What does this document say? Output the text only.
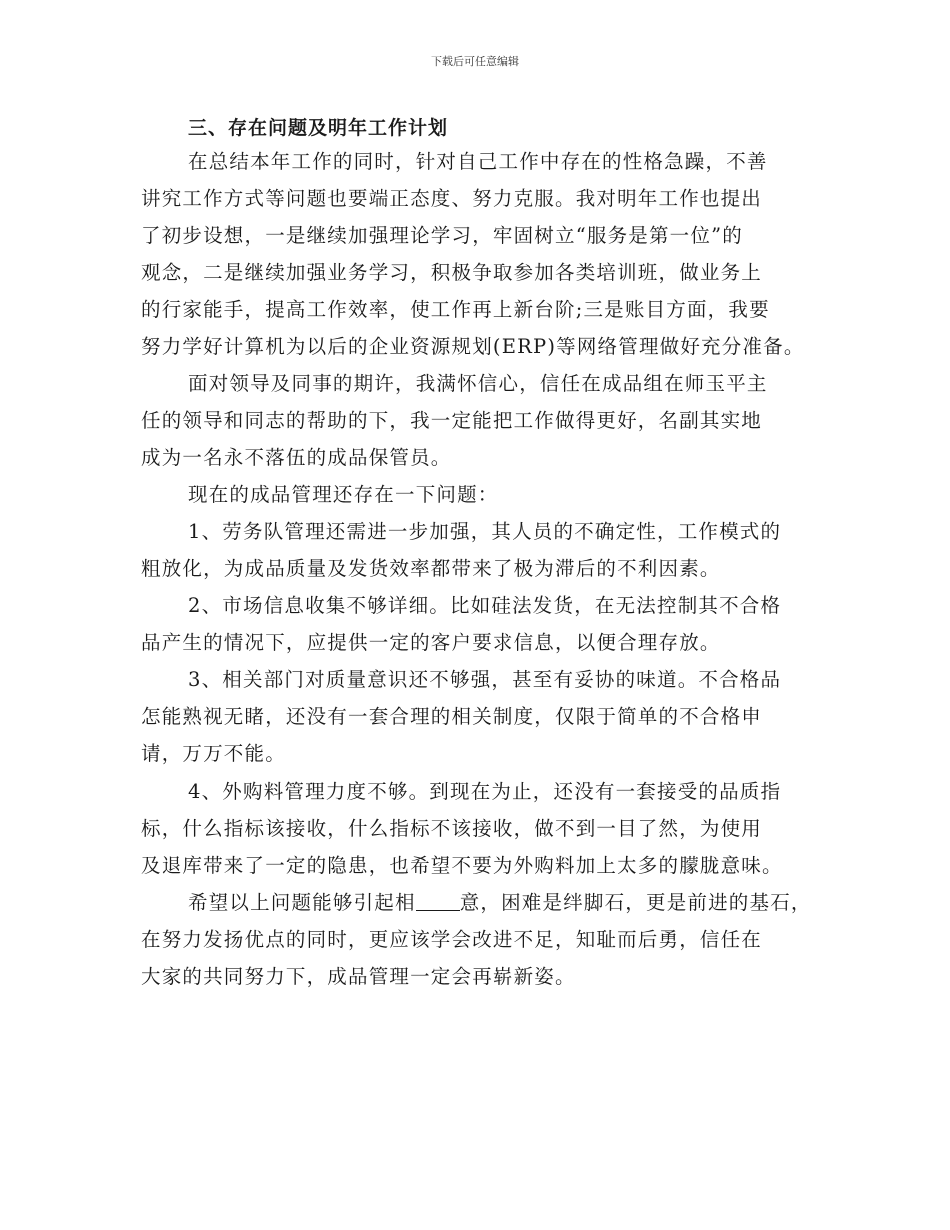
下载后可任意编辑
三、存在问题及明年工作计划
在总结本年工作的同时，针对自己工作中存在的性格急躁，不善
讲究工作方式等问题也要端正态度、努力克服。我对明年工作也提出
了初步设想，一是继续加强理论学习，牢固树立“服务是第一位”的
观念，二是继续加强业务学习，积极争取参加各类培训班，做业务上
的行家能手，提高工作效率，使工作再上新台阶;三是账目方面，我要
努力学好计算机为以后的企业资源规划(ERP)等网络管理做好充分准备。
面对领导及同事的期许，我满怀信心，信任在成品组在师玉平主
任的领导和同志的帮助的下，我一定能把工作做得更好，名副其实地
成为一名永不落伍的成品保管员。
现在的成品管理还存在一下问题：
1、劳务队管理还需进一步加强，其人员的不确定性，工作模式的
粗放化，为成品质量及发货效率都带来了极为滞后的不利因素。
2、市场信息收集不够详细。比如硅法发货，在无法控制其不合格
品产生的情况下，应提供一定的客户要求信息，以便合理存放。
3、相关部门对质量意识还不够强，甚至有妥协的味道。不合格品
怎能熟视无睹，还没有一套合理的相关制度，仅限于简单的不合格申
请，万万不能。
4、外购料管理力度不够。到现在为止，还没有一套接受的品质指
标，什么指标该接收，什么指标不该接收，做不到一目了然，为使用
及退库带来了一定的隐患，也希望不要为外购料加上太多的朦胧意味。
希望以上问题能够引起相 意，困难是绊脚石，更是前进的基石，
在努力发扬优点的同时，更应该学会改进不足，知耻而后勇，信任在
大家的共同努力下，成品管理一定会再崭新姿。
